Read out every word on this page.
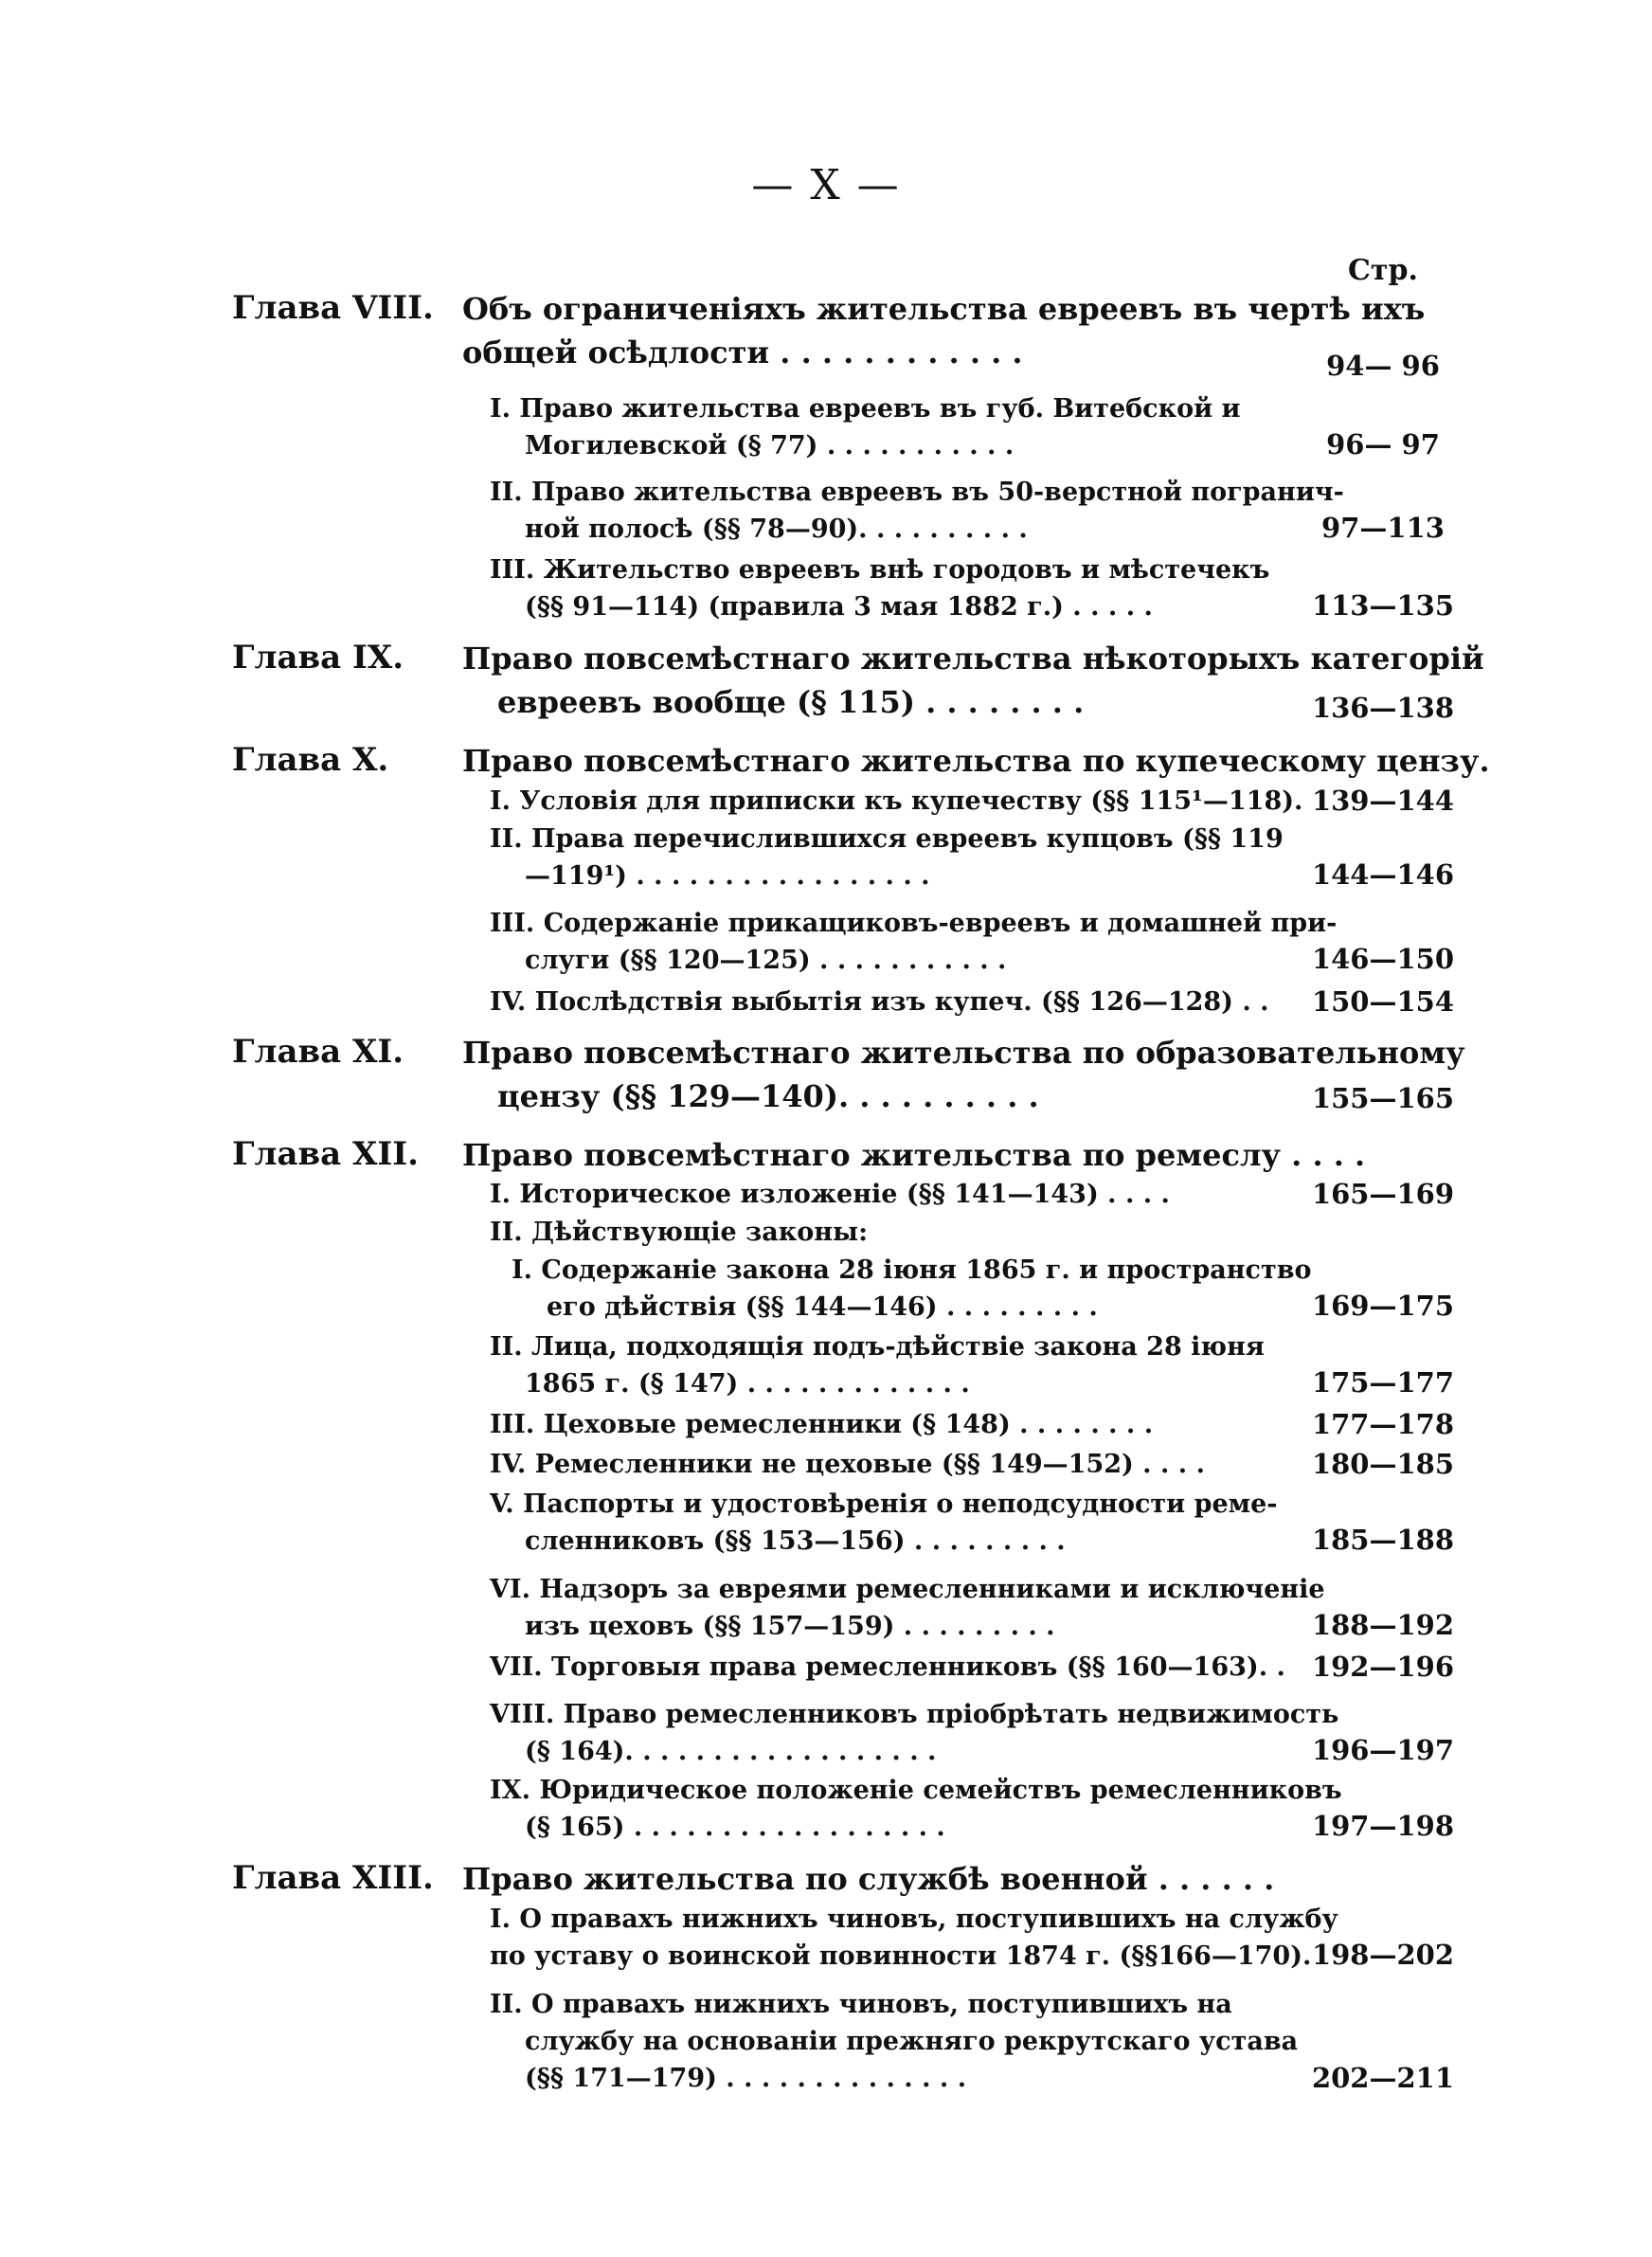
— X —
Стр.
Глава VIII. Объ ограниченіяхъ жительства евреевъ въ чертѣ ихъ
общей осѣдлости . . . . . . . . . . . .	94— 96
I. Право жительства евреевъ въ губ. Витебской и
Могилевской (§ 77) . . . . . . . . . . .	96— 97
II. Право жительства евреевъ въ 50-верстной погранич-
ной полосѣ (§§ 78—90). . . . . . . . . .	97—113
III. Жительство евреевъ внѣ городовъ и мѣстечекъ
(§§ 91—114) (правила 3 мая 1882 г.) . . . . .	113—135
Глава IX. Право повсемѣстнаго жительства нѣкоторыхъ категорій
евреевъ вообще (§ 115) . . . . . . . .	136—138
Глава X. Право повсемѣстнаго жительства по купеческому цензу.
I. Условія для приписки къ купечеству (§§ 115¹—118). 139—144
II. Права перечислившихся евреевъ купцовъ (§§ 119
—119¹) . . . . . . . . . . . . . . . . .	144—146
III. Содержаніе прикащиковъ-евреевъ и домашней при-
слуги (§§ 120—125) . . . . . . . . . . .	146—150
IV. Послѣдствія выбытія изъ купеч. (§§ 126—128) . . 150—154
Глава XI. Право повсемѣстнаго жительства по образовательному
цензу (§§ 129—140). . . . . . . . . .	155—165
Глава XII. Право повсемѣстнаго жительства по ремеслу . . . .
I. Историческое изложеніе (§§ 141—143) . . . .	165—169
II. Дѣйствующіе законы:
I. Содержаніе закона 28 іюня 1865 г. и пространство
его дѣйствія (§§ 144—146) . . . . . . . . .	169—175
II. Лица, подходящія подъ-дѣйствіе закона 28 іюня
1865 г. (§ 147) . . . . . . . . . . . . .	175—177
III. Цеховые ремесленники (§ 148) . . . . . . . .	177—178
IV. Ремесленники не цеховые (§§ 149—152) . . . .	180—185
V. Паспорты и удостовѣренія о неподсудности реме-
сленниковъ (§§ 153—156) . . . . . . . . .	185—188
VI. Надзоръ за евреями ремесленниками и исключеніе
изъ цеховъ (§§ 157—159) . . . . . . . . .	188—192
VII. Торговыя права ремесленниковъ (§§ 160—163). . 192—196
VIII. Право ремесленниковъ пріобрѣтать недвижимость
(§ 164). . . . . . . . . . . . . . . . . .	196—197
IX. Юридическое положеніе семействъ ремесленниковъ
(§ 165) . . . . . . . . . . . . . . . . . .	197—198
Глава XIII. Право жительства по службѣ военной . . . . . .
I. О правахъ нижнихъ чиновъ, поступившихъ на службу
по уставу о воинской повинности 1874 г. (§§166—170). 198—202
II. О правахъ нижнихъ чиновъ, поступившихъ на
службу на основаніи прежняго рекрутскаго устава
(§§ 171—179) . . . . . . . . . . . . . .	202—211
